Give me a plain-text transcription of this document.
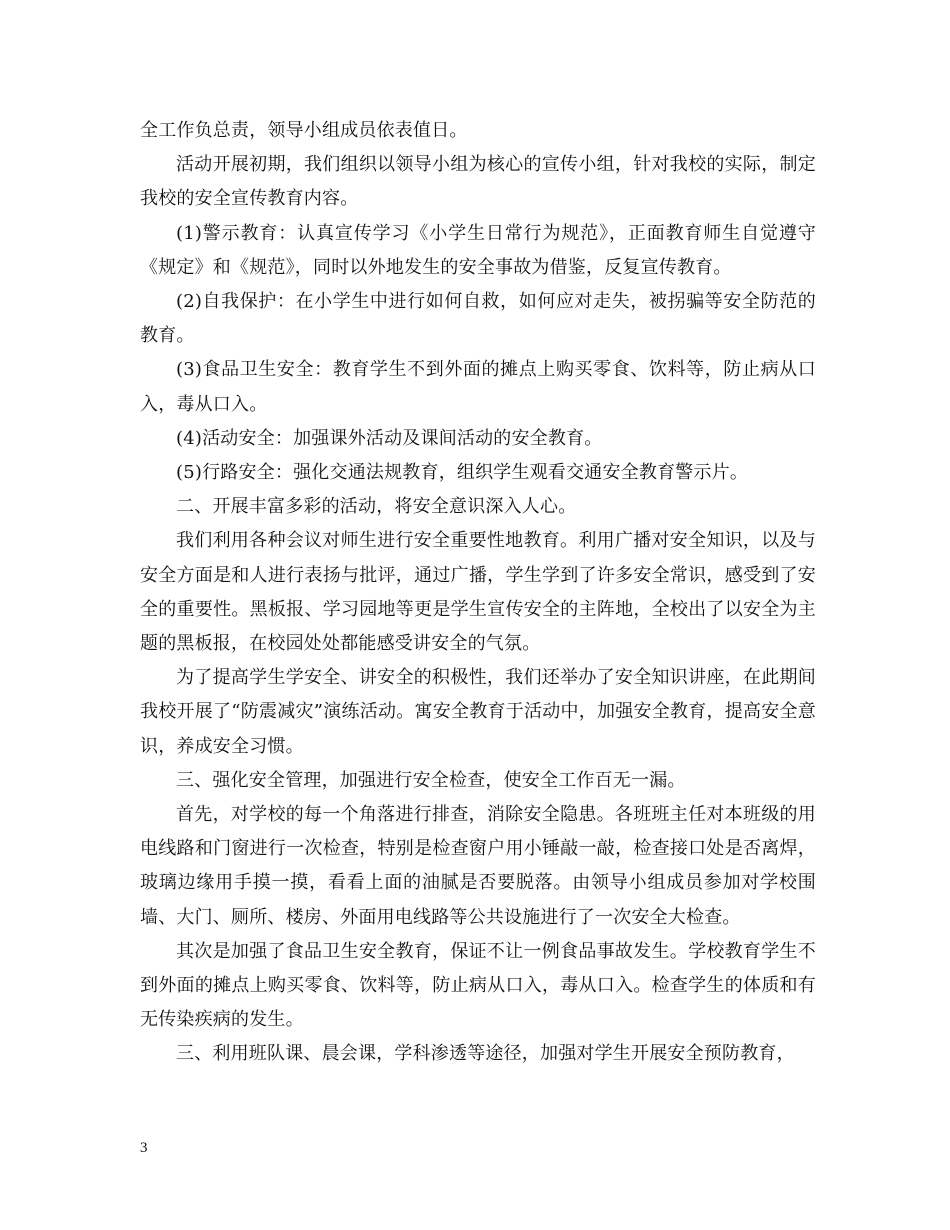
全工作负总责，领导小组成员依表值日。

活动开展初期，我们组织以领导小组为核心的宣传小组，针对我校的实际，制定我校的安全宣传教育内容。

(1)警示教育：认真宣传学习《小学生日常行为规范》，正面教育师生自觉遵守《规定》和《规范》，同时以外地发生的安全事故为借鉴，反复宣传教育。

(2)自我保护：在小学生中进行如何自救，如何应对走失，被拐骗等安全防范的教育。

(3)食品卫生安全：教育学生不到外面的摊点上购买零食、饮料等，防止病从口入，毒从口入。

(4)活动安全：加强课外活动及课间活动的安全教育。

(5)行路安全：强化交通法规教育，组织学生观看交通安全教育警示片。

二、开展丰富多彩的活动，将安全意识深入人心。

我们利用各种会议对师生进行安全重要性地教育。利用广播对安全知识，以及与安全方面是和人进行表扬与批评，通过广播，学生学到了许多安全常识，感受到了安全的重要性。黑板报、学习园地等更是学生宣传安全的主阵地，全校出了以安全为主题的黑板报，在校园处处都能感受讲安全的气氛。

为了提高学生学安全、讲安全的积极性，我们还举办了安全知识讲座，在此期间我校开展了“防震减灾”演练活动。寓安全教育于活动中，加强安全教育，提高安全意识，养成安全习惯。

三、强化安全管理，加强进行安全检查，使安全工作百无一漏。

首先，对学校的每一个角落进行排查，消除安全隐患。各班班主任对本班级的用电线路和门窗进行一次检查，特别是检查窗户用小锤敲一敲，检查接口处是否离焊，玻璃边缘用手摸一摸，看看上面的油腻是否要脱落。由领导小组成员参加对学校围墙、大门、厕所、楼房、外面用电线路等公共设施进行了一次安全大检查。

其次是加强了食品卫生安全教育，保证不让一例食品事故发生。学校教育学生不到外面的摊点上购买零食、饮料等，防止病从口入，毒从口入。检查学生的体质和有无传染疾病的发生。

三、利用班队课、晨会课，学科渗透等途径，加强对学生开展安全预防教育，

3
